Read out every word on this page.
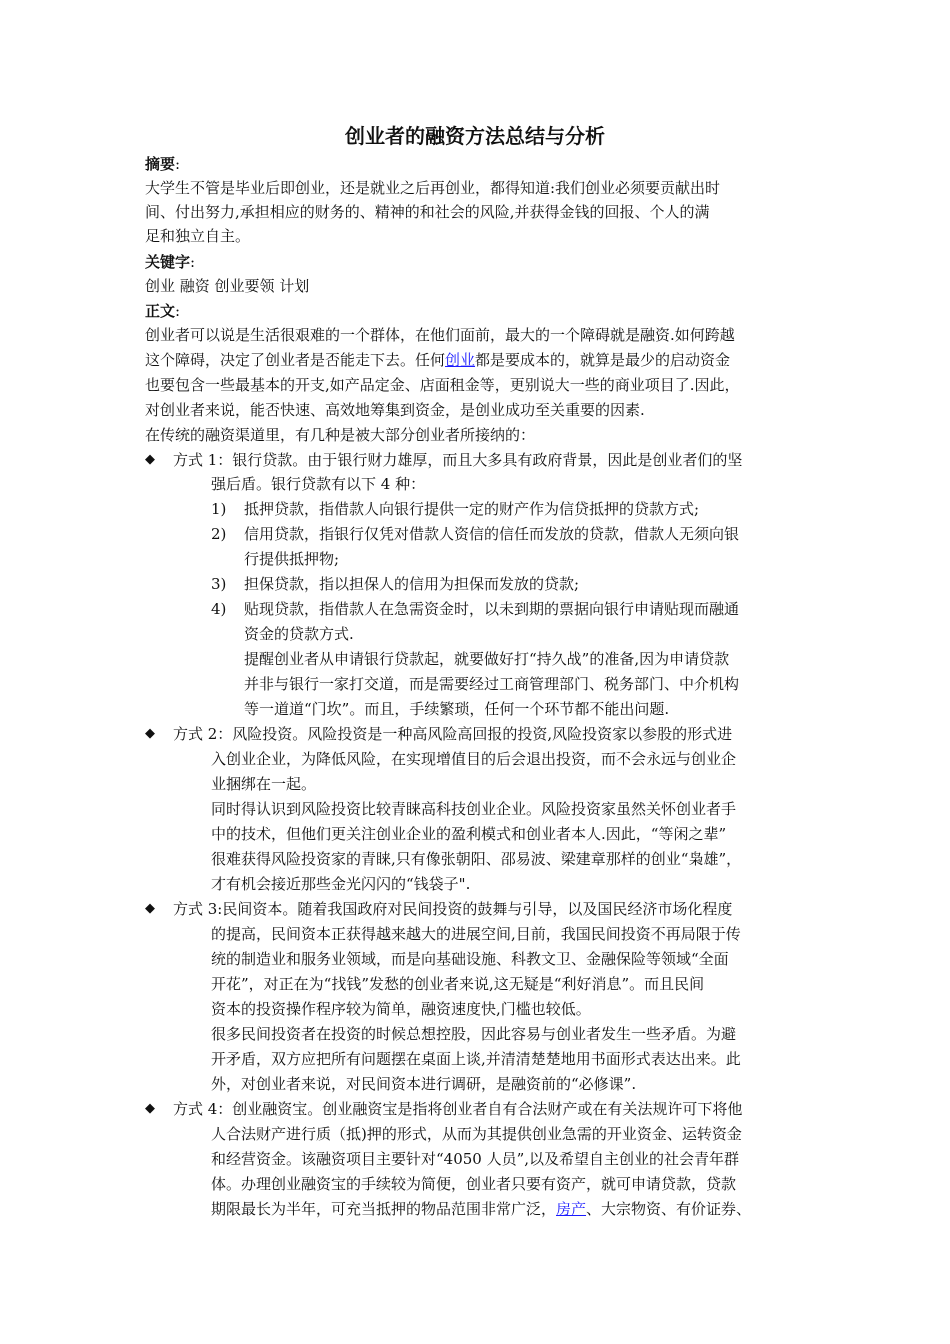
创业者的融资方法总结与分析
摘要:
大学生不管是毕业后即创业，还是就业之后再创业，都得知道:我们创业必须要贡献出时
间、付出努力,承担相应的财务的、精神的和社会的风险,并获得金钱的回报、个人的满
足和独立自主。
关键字:
创业 融资 创业要领 计划
正文:
创业者可以说是生活很艰难的一个群体，在他们面前，最大的一个障碍就是融资.如何跨越
这个障碍，决定了创业者是否能走下去。任何创业都是要成本的，就算是最少的启动资金
也要包含一些最基本的开支,如产品定金、店面租金等，更别说大一些的商业项目了.因此，
对创业者来说，能否快速、高效地筹集到资金，是创业成功至关重要的因素.
在传统的融资渠道里，有几种是被大部分创业者所接纳的：
◆ 方式 1：银行贷款。由于银行财力雄厚，而且大多具有政府背景，因此是创业者们的坚
强后盾。银行贷款有以下 4 种：
1) 抵押贷款，指借款人向银行提供一定的财产作为信贷抵押的贷款方式;
2) 信用贷款，指银行仅凭对借款人资信的信任而发放的贷款，借款人无须向银
行提供抵押物;
3) 担保贷款，指以担保人的信用为担保而发放的贷款;
4) 贴现贷款，指借款人在急需资金时，以未到期的票据向银行申请贴现而融通
资金的贷款方式.
提醒创业者从申请银行贷款起，就要做好打“持久战”的准备,因为申请贷款
并非与银行一家打交道，而是需要经过工商管理部门、税务部门、中介机构
等一道道“门坎”。而且，手续繁琐，任何一个环节都不能出问题.
◆ 方式 2：风险投资。风险投资是一种高风险高回报的投资,风险投资家以参股的形式进
入创业企业，为降低风险，在实现增值目的后会退出投资，而不会永远与创业企
业捆绑在一起。
同时得认识到风险投资比较青睐高科技创业企业。风险投资家虽然关怀创业者手
中的技术，但他们更关注创业企业的盈利模式和创业者本人.因此，“等闲之辈”
很难获得风险投资家的青睐,只有像张朝阳、邵易波、梁建章那样的创业“枭雄”，
才有机会接近那些金光闪闪的“钱袋子".
◆ 方式 3:民间资本。随着我国政府对民间投资的鼓舞与引导，以及国民经济市场化程度
的提高，民间资本正获得越来越大的进展空间,目前，我国民间投资不再局限于传
统的制造业和服务业领域，而是向基础设施、科教文卫、金融保险等领域“全面
开花”，对正在为“找钱”发愁的创业者来说,这无疑是“利好消息”。而且民间
资本的投资操作程序较为简单，融资速度快,门槛也较低。
很多民间投资者在投资的时候总想控股，因此容易与创业者发生一些矛盾。为避
开矛盾，双方应把所有问题摆在桌面上谈,并清清楚楚地用书面形式表达出来。此
外，对创业者来说，对民间资本进行调研，是融资前的“必修课”.
◆ 方式 4：创业融资宝。创业融资宝是指将创业者自有合法财产或在有关法规许可下将他
人合法财产进行质（抵)押的形式，从而为其提供创业急需的开业资金、运转资金
和经营资金。该融资项目主要针对“4050 人员”,以及希望自主创业的社会青年群
体。办理创业融资宝的手续较为简便，创业者只要有资产，就可申请贷款，贷款
期限最长为半年，可充当抵押的物品范围非常广泛，房产、大宗物资、有价证券、
